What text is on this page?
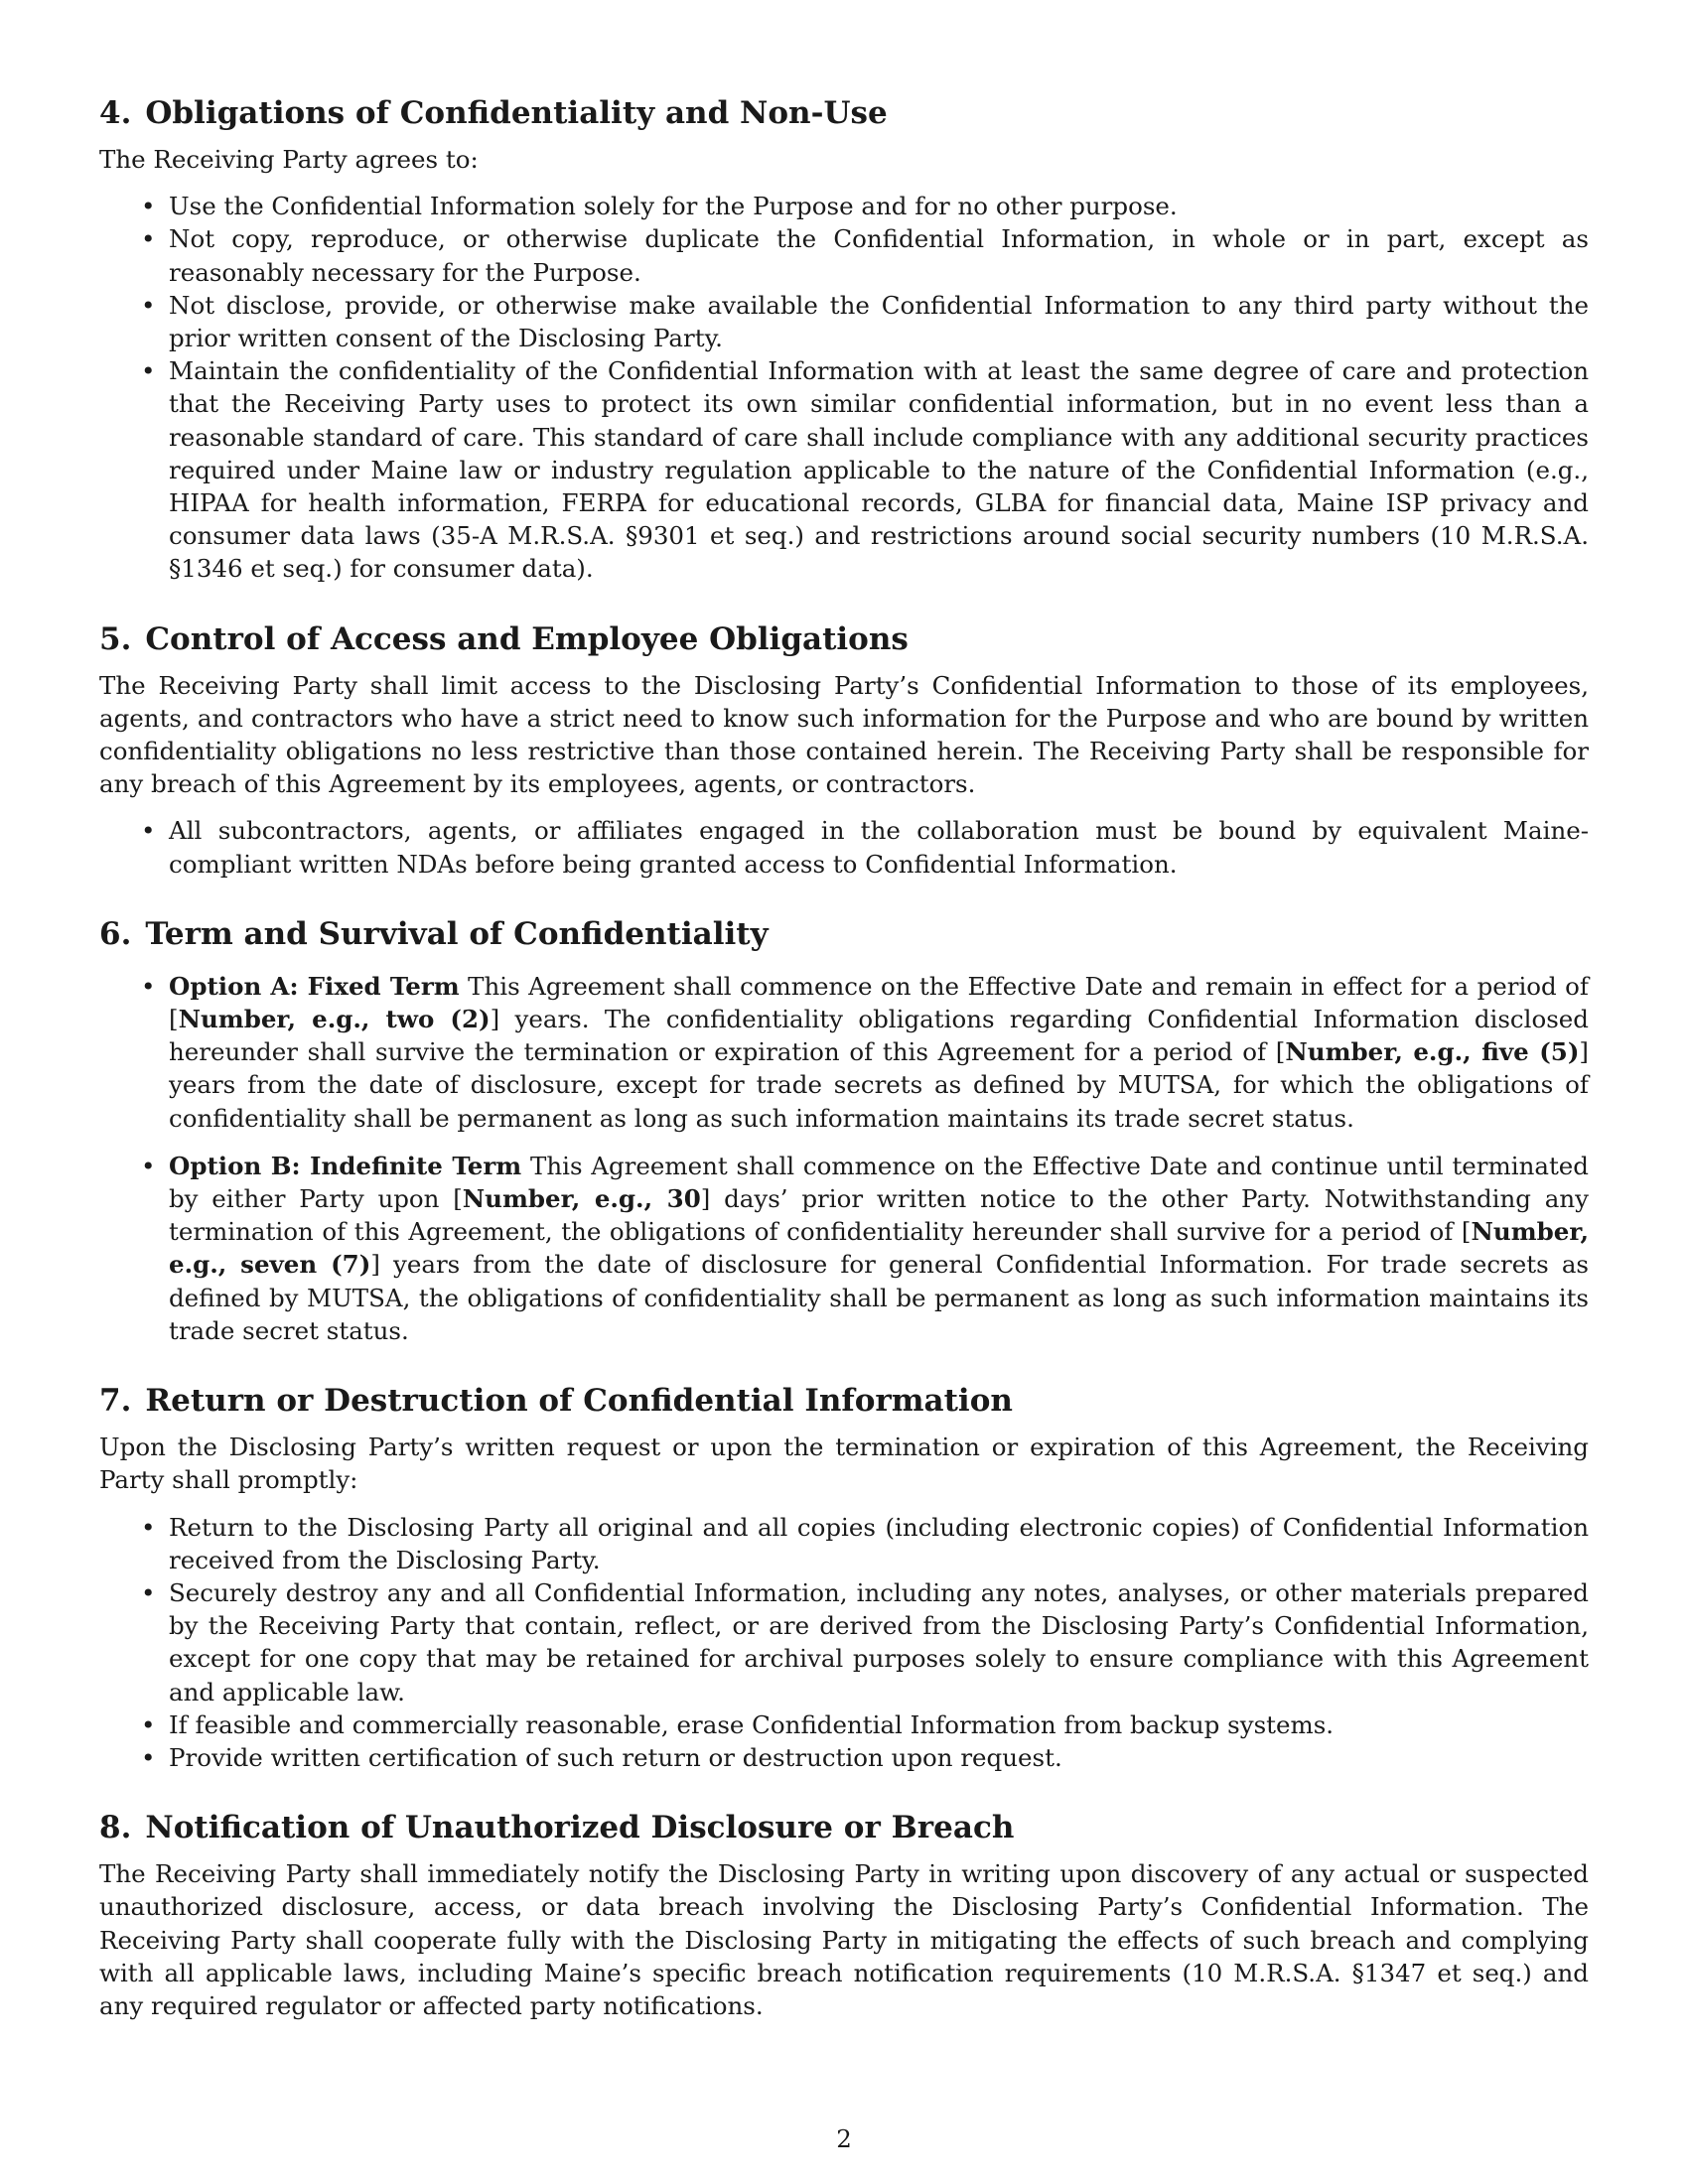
4. Obligations of Confidentiality and Non-Use

The Receiving Party agrees to:

• Use the Confidential Information solely for the Purpose and for no other purpose.
• Not copy, reproduce, or otherwise duplicate the Confidential Information, in whole or in part, except as reasonably necessary for the Purpose.
• Not disclose, provide, or otherwise make available the Confidential Information to any third party without the prior written consent of the Disclosing Party.
• Maintain the confidentiality of the Confidential Information with at least the same degree of care and protection that the Receiving Party uses to protect its own similar confidential information, but in no event less than a reasonable standard of care. This standard of care shall include compliance with any additional security practices required under Maine law or industry regulation applicable to the nature of the Confidential Information (e.g., HIPAA for health information, FERPA for educational records, GLBA for financial data, Maine ISP privacy and consumer data laws (35-A M.R.S.A. §9301 et seq.) and restrictions around social security numbers (10 M.R.S.A. §1346 et seq.) for consumer data).
5. Control of Access and Employee Obligations

The Receiving Party shall limit access to the Disclosing Party’s Confidential Information to those of its employees, agents, and contractors who have a strict need to know such information for the Purpose and who are bound by written confidentiality obligations no less restrictive than those contained herein. The Receiving Party shall be responsible for any breach of this Agreement by its employees, agents, or contractors.

• All subcontractors, agents, or affiliates engaged in the collaboration must be bound by equivalent Maine-compliant written NDAs before being granted access to Confidential Information.
6. Term and Survival of Confidentiality
• Option A: Fixed Term This Agreement shall commence on the Effective Date and remain in effect for a period of [Number, e.g., two (2)] years. The confidentiality obligations regarding Confidential Information disclosed hereunder shall survive the termination or expiration of this Agreement for a period of [Number, e.g., five (5)] years from the date of disclosure, except for trade secrets as defined by MUTSA, for which the obligations of confidentiality shall be permanent as long as such information maintains its trade secret status.
• Option B: Indefinite Term This Agreement shall commence on the Effective Date and continue until terminated by either Party upon [Number, e.g., 30] days’ prior written notice to the other Party. Notwithstanding any termination of this Agreement, the obligations of confidentiality hereunder shall survive for a period of [Number, e.g., seven (7)] years from the date of disclosure for general Confidential Information. For trade secrets as defined by MUTSA, the obligations of confidentiality shall be permanent as long as such information maintains its trade secret status.
7. Return or Destruction of Confidential Information

Upon the Disclosing Party’s written request or upon the termination or expiration of this Agreement, the Receiving Party shall promptly:

• Return to the Disclosing Party all original and all copies (including electronic copies) of Confidential Information received from the Disclosing Party.
• Securely destroy any and all Confidential Information, including any notes, analyses, or other materials prepared by the Receiving Party that contain, reflect, or are derived from the Disclosing Party’s Confidential Information, except for one copy that may be retained for archival purposes solely to ensure compliance with this Agreement and applicable law.
• If feasible and commercially reasonable, erase Confidential Information from backup systems.
• Provide written certification of such return or destruction upon request.
8. Notification of Unauthorized Disclosure or Breach

The Receiving Party shall immediately notify the Disclosing Party in writing upon discovery of any actual or suspected unauthorized disclosure, access, or data breach involving the Disclosing Party’s Confidential Information. The Receiving Party shall cooperate fully with the Disclosing Party in mitigating the effects of such breach and complying with all applicable laws, including Maine’s specific breach notification requirements (10 M.R.S.A. §1347 et seq.) and any required regulator or affected party notifications.

2
